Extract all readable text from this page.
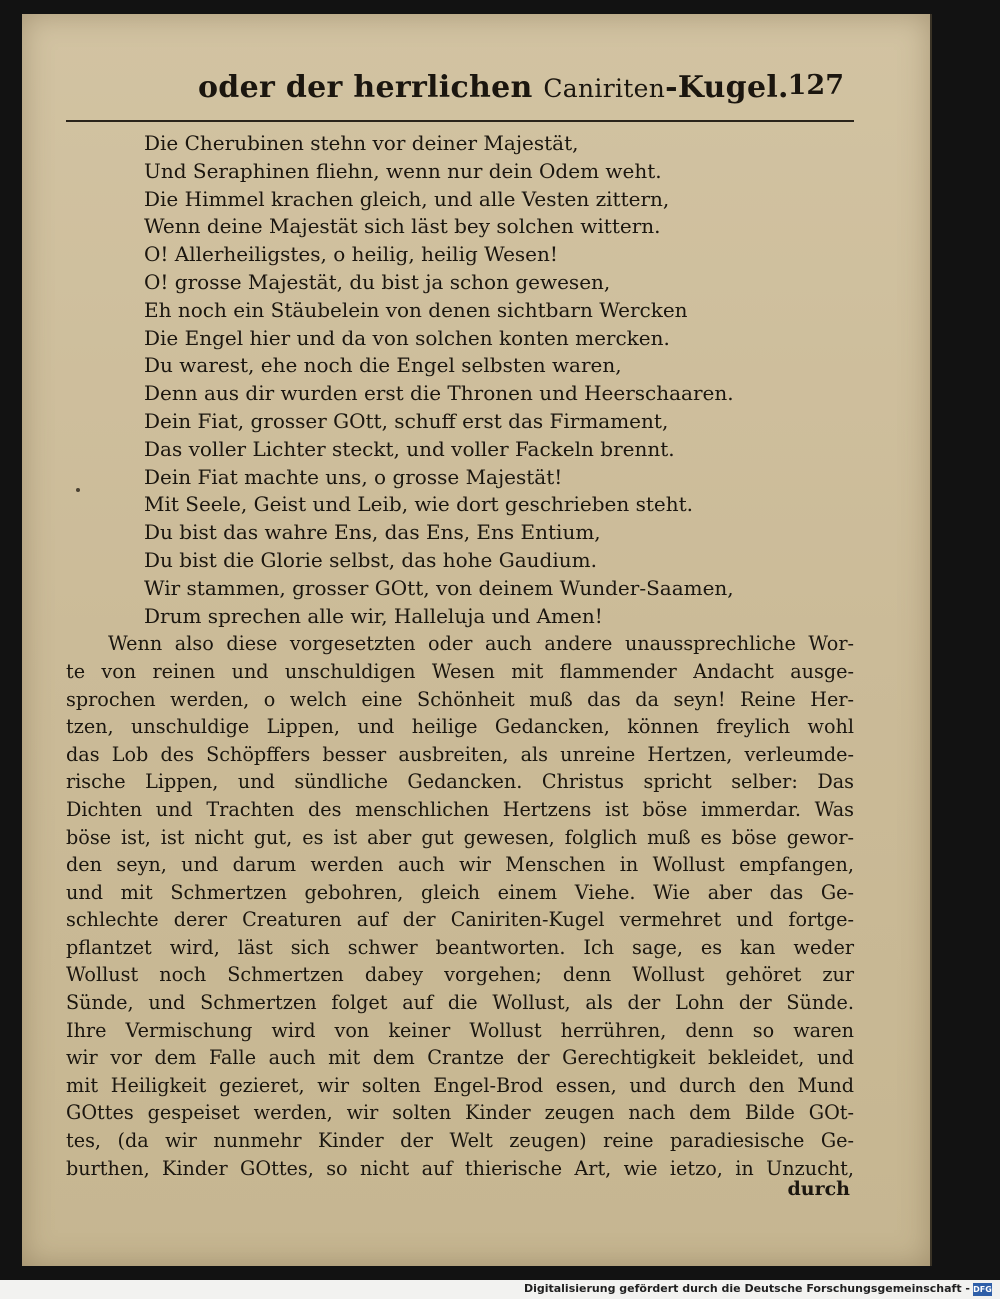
oder der herrlichen Caniriten-Kugel.
127
Die Cherubinen stehn vor deiner Majestät,
Und Seraphinen fliehn, wenn nur dein Odem weht.
Die Himmel krachen gleich, und alle Vesten zittern,
Wenn deine Majestät sich läst bey solchen wittern.
O! Allerheiligstes, o heilig, heilig Wesen!
O! grosse Majestät, du bist ja schon gewesen,
Eh noch ein Stäubelein von denen sichtbarn Wercken
Die Engel hier und da von solchen konten mercken.
Du warest, ehe noch die Engel selbsten waren,
Denn aus dir wurden erst die Thronen und Heerschaaren.
Dein Fiat, grosser GOtt, schuff erst das Firmament,
Das voller Lichter steckt, und voller Fackeln brennt.
Dein Fiat machte uns, o grosse Majestät!
Mit Seele, Geist und Leib, wie dort geschrieben steht.
Du bist das wahre Ens, das Ens, Ens Entium,
Du bist die Glorie selbst, das hohe Gaudium.
Wir stammen, grosser GOtt, von deinem Wunder-Saamen,
Drum sprechen alle wir, Halleluja und Amen!
Wenn also diese vorgesetzten oder auch andere unaussprechliche Wor-
te von reinen und unschuldigen Wesen mit flammender Andacht ausge-
sprochen werden, o welch eine Schönheit muß das da seyn! Reine Her-
tzen, unschuldige Lippen, und heilige Gedancken, können freylich wohl
das Lob des Schöpffers besser ausbreiten, als unreine Hertzen, verleumde-
rische Lippen, und sündliche Gedancken. Christus spricht selber: Das
Dichten und Trachten des menschlichen Hertzens ist böse immerdar. Was
böse ist, ist nicht gut, es ist aber gut gewesen, folglich muß es böse gewor-
den seyn, und darum werden auch wir Menschen in Wollust empfangen,
und mit Schmertzen gebohren, gleich einem Viehe. Wie aber das Ge-
schlechte derer Creaturen auf der Caniriten-Kugel vermehret und fortge-
pflantzet wird, läst sich schwer beantworten. Ich sage, es kan weder
Wollust noch Schmertzen dabey vorgehen; denn Wollust gehöret zur
Sünde, und Schmertzen folget auf die Wollust, als der Lohn der Sünde.
Ihre Vermischung wird von keiner Wollust herrühren, denn so waren
wir vor dem Falle auch mit dem Crantze der Gerechtigkeit bekleidet, und
mit Heiligkeit gezieret, wir solten Engel-Brod essen, und durch den Mund
GOttes gespeiset werden, wir solten Kinder zeugen nach dem Bilde GOt-
tes, (da wir nunmehr Kinder der Welt zeugen) reine paradiesische Ge-
burthen, Kinder GOttes, so nicht auf thierische Art, wie ietzo, in Unzucht,
durch
Digitalisierung gefördert durch die Deutsche Forschungsgemeinschaft - DFG
